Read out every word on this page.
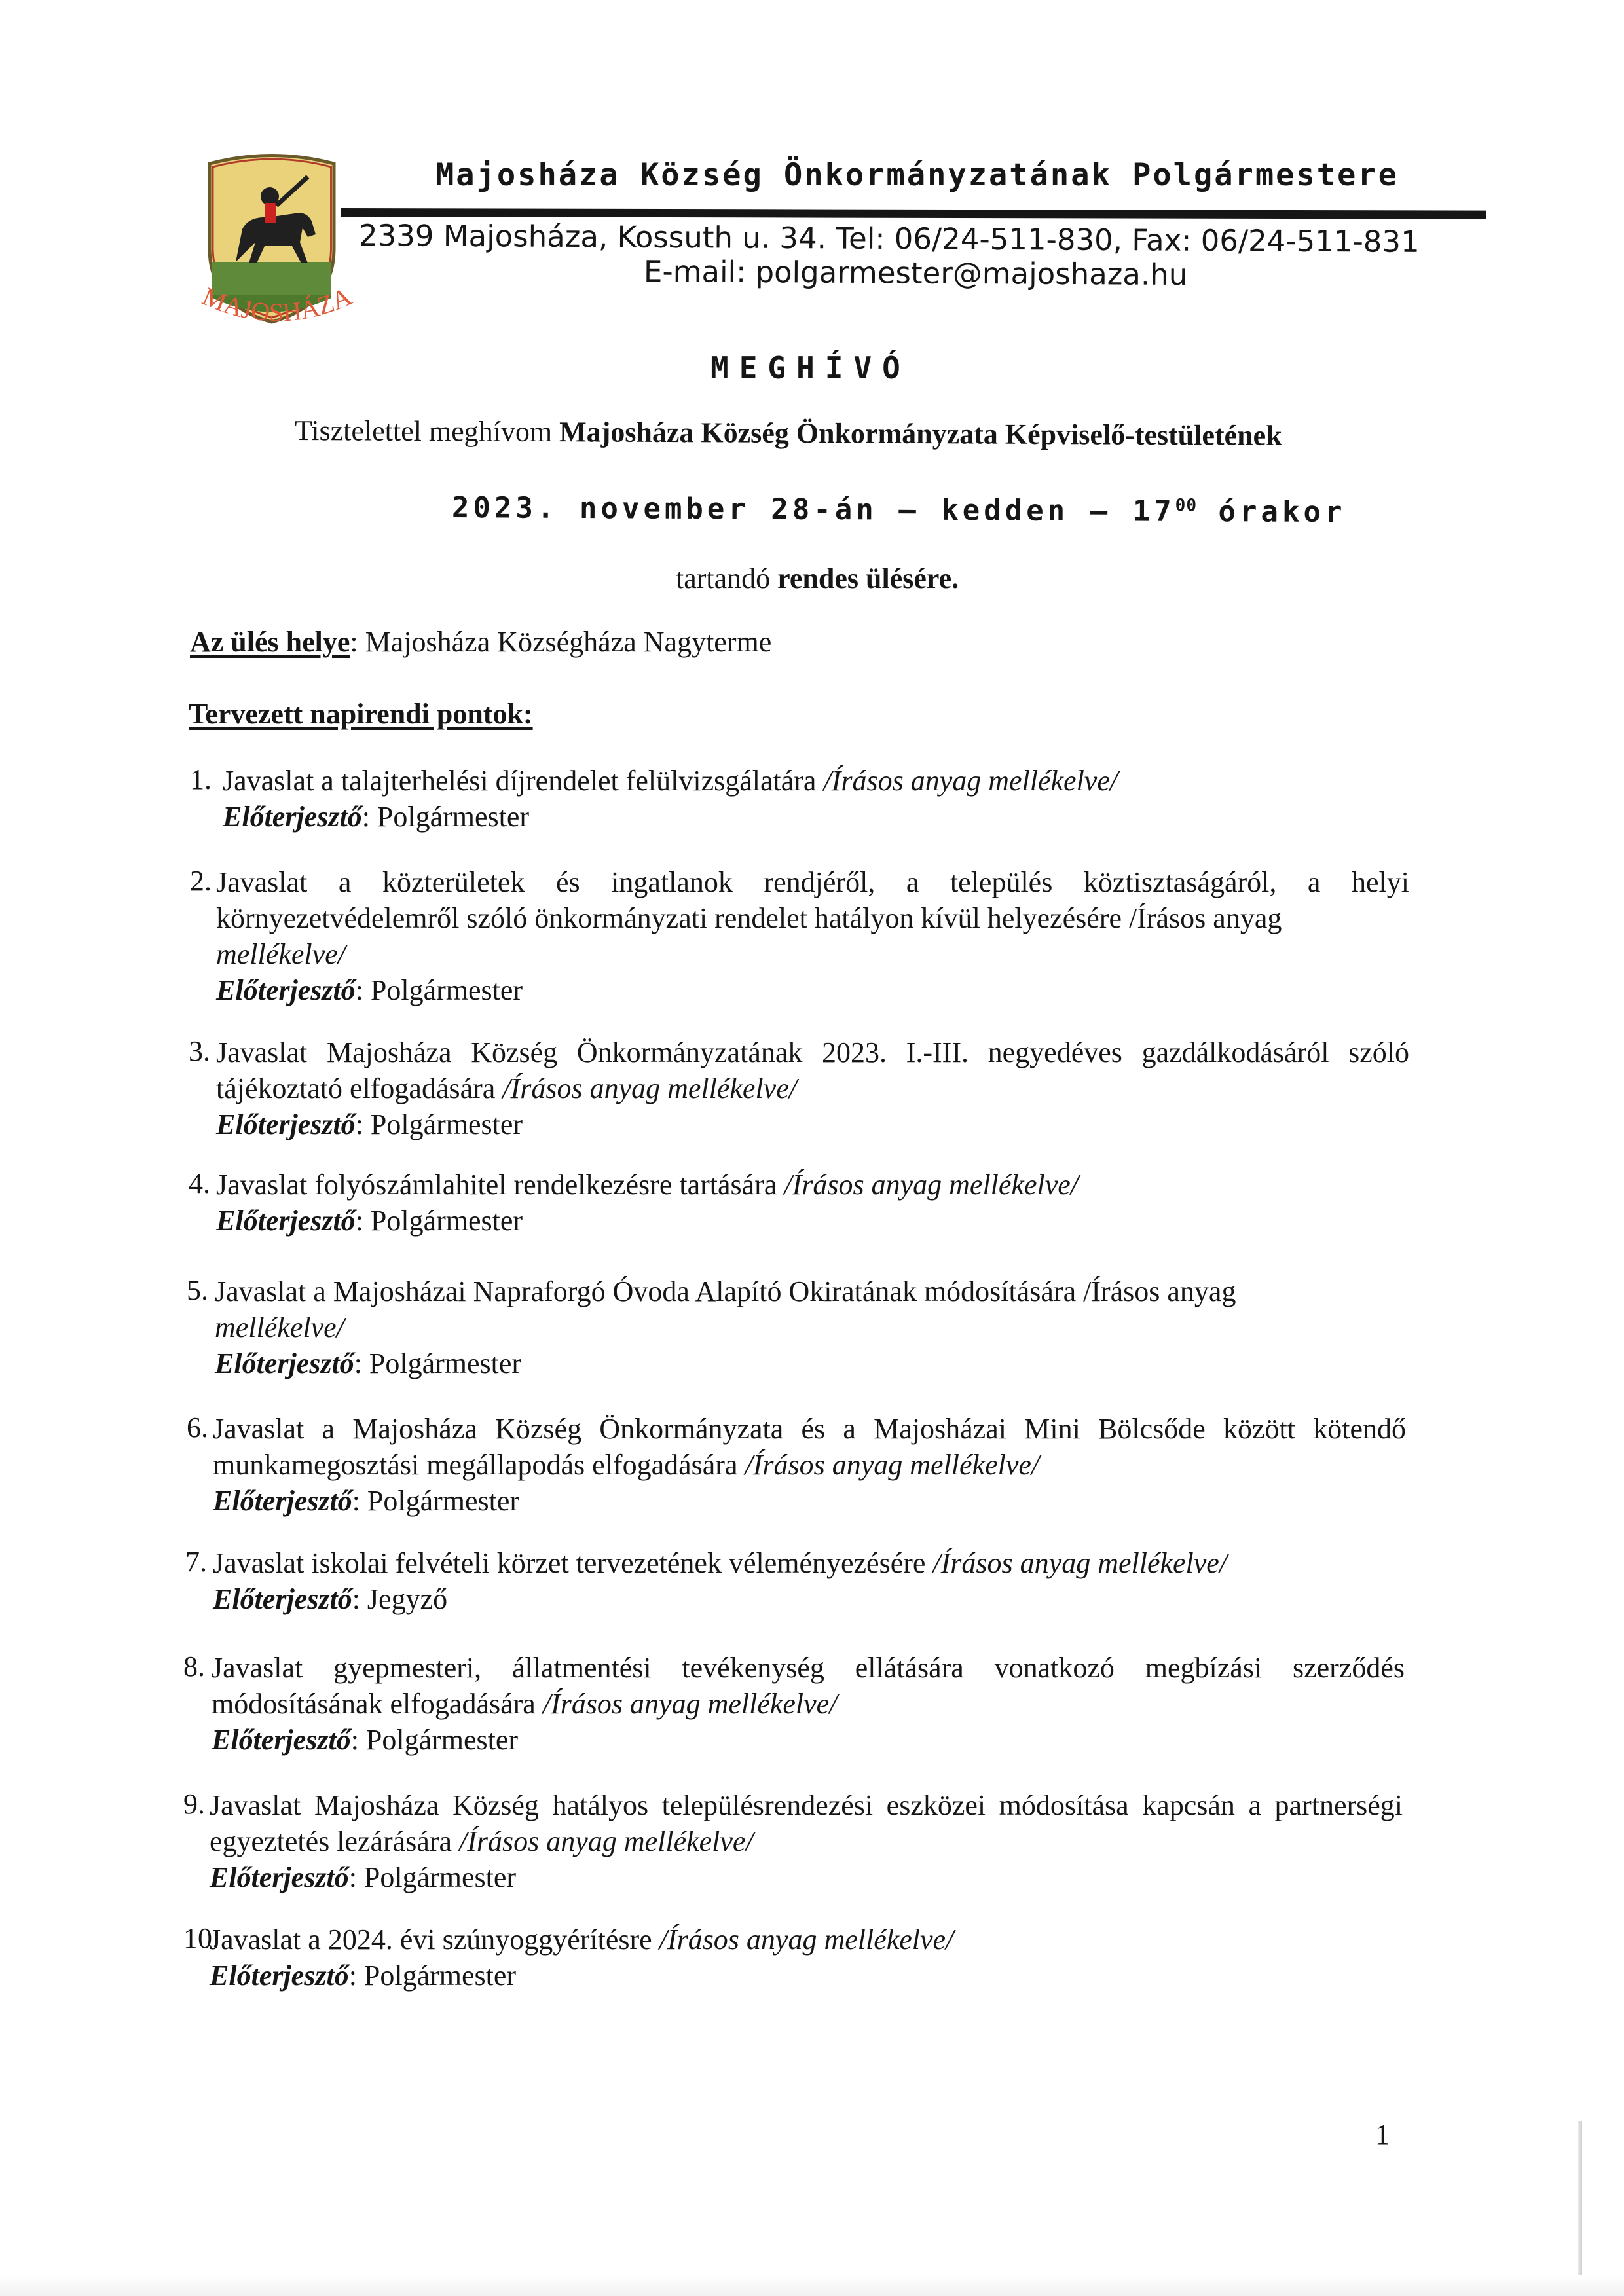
MAJOSHÁZA
Majosháza Község Önkormányzatának Polgármestere
2339 Majosháza, Kossuth u. 34. Tel: 06/24-511-830, Fax: 06/24-511-831
E-mail: polgarmester@majoshaza.hu
MEGHÍVÓ
Tisztelettel meghívom Majosháza Község Önkormányzata Képviselő-testületének
2023. november 28-án – kedden – $17^{00}$ órakor
tartandó rendes ülésére.
Az ülés helye: Majosháza Községháza Nagyterme
Tervezett napirendi pontok:
1. Javaslat a talajterhelési díjrendelet felülvizsgálatára /Írásos anyag mellékelve/
Előterjesztő: Polgármester
2. Javaslat a közterületek és ingatlanok rendjéről, a település köztisztaságáról, a helyi
környezetvédelemről szóló önkormányzati rendelet hatályon kívül helyezésére /Írásos anyag
mellékelve/
Előterjesztő: Polgármester
3. Javaslat Majosháza Község Önkormányzatának 2023. I.-III. negyedéves gazdálkodásáról szóló
tájékoztató elfogadására /Írásos anyag mellékelve/
Előterjesztő: Polgármester
4. Javaslat folyószámlahitel rendelkezésre tartására /Írásos anyag mellékelve/
Előterjesztő: Polgármester
5. Javaslat a Majosházai Napraforgó Óvoda Alapító Okiratának módosítására /Írásos anyag
mellékelve/
Előterjesztő: Polgármester
6. Javaslat a Majosháza Község Önkormányzata és a Majosházai Mini Bölcsőde között kötendő
munkamegosztási megállapodás elfogadására /Írásos anyag mellékelve/
Előterjesztő: Polgármester
7. Javaslat iskolai felvételi körzet tervezetének véleményezésére /Írásos anyag mellékelve/
Előterjesztő: Jegyző
8. Javaslat gyepmesteri, állatmentési tevékenység ellátására vonatkozó megbízási szerződés
módosításának elfogadására /Írásos anyag mellékelve/
Előterjesztő: Polgármester
9. Javaslat Majosháza Község hatályos településrendezési eszközei módosítása kapcsán a partnerségi
egyeztetés lezárására /Írásos anyag mellékelve/
Előterjesztő: Polgármester
10.
Javaslat a 2024. évi szúnyoggyérítésre /Írásos anyag mellékelve/
Előterjesztő: Polgármester
1
